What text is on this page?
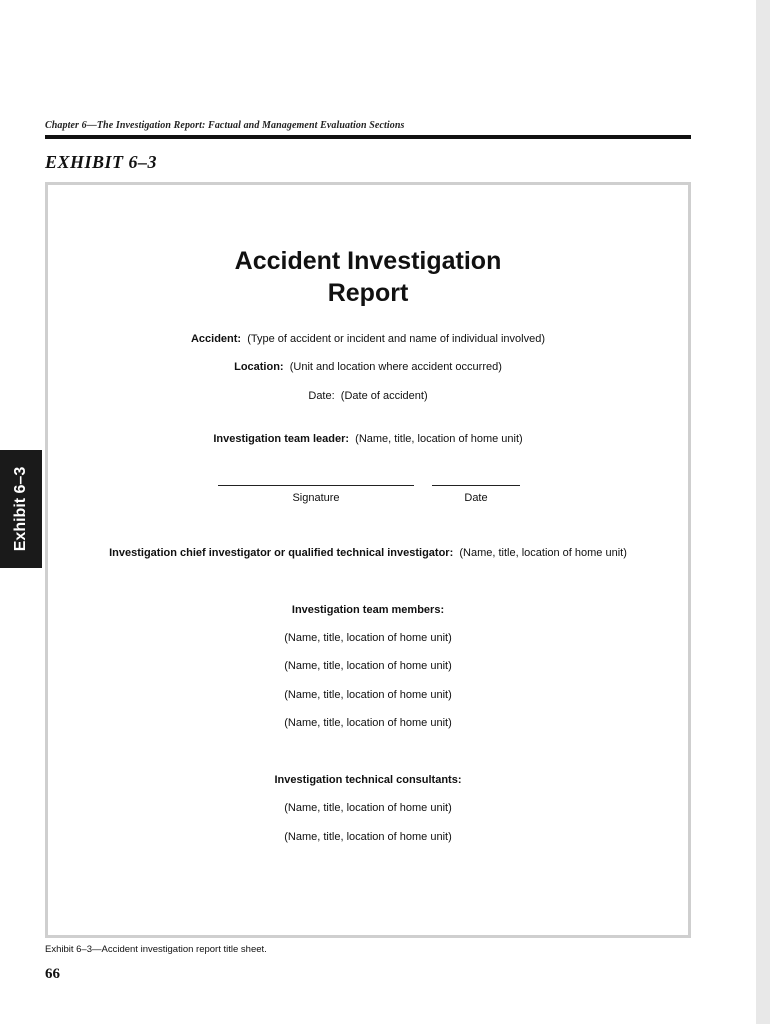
Chapter 6—The Investigation Report: Factual and Management Evaluation Sections
EXHIBIT 6–3
Exhibit 6–3
Accident Investigation
Report
Accident: (Type of accident or incident and name of individual involved)
Location: (Unit and location where accident occurred)
Date: (Date of accident)
Investigation team leader: (Name, title, location of home unit)
Signature	Date
Investigation chief investigator or qualified technical investigator: (Name, title, location of home unit)
Investigation team members:
(Name, title, location of home unit)
(Name, title, location of home unit)
(Name, title, location of home unit)
(Name, title, location of home unit)
Investigation technical consultants:
(Name, title, location of home unit)
(Name, title, location of home unit)
Exhibit 6–3—Accident investigation report title sheet.
66
